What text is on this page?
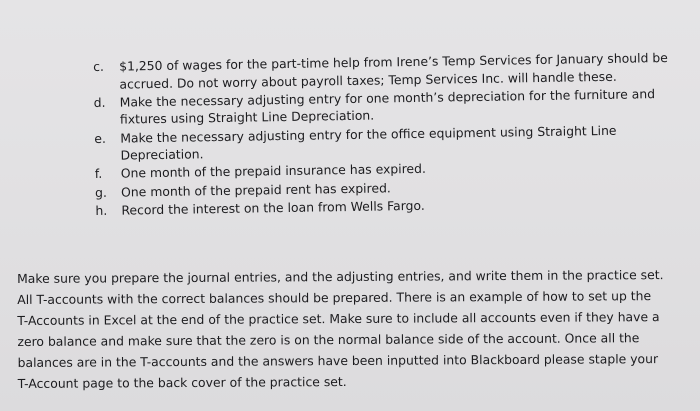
c. $1,250 of wages for the part-time help from Irene’s Temp Services for January should be
accrued. Do not worry about payroll taxes; Temp Services Inc. will handle these.
d. Make the necessary adjusting entry for one month’s depreciation for the furniture and
fixtures using Straight Line Depreciation.
e. Make the necessary adjusting entry for the office equipment using Straight Line
Depreciation.
f. One month of the prepaid insurance has expired.
g. One month of the prepaid rent has expired.
h. Record the interest on the loan from Wells Fargo.
Make sure you prepare the journal entries, and the adjusting entries, and write them in the practice set.
All T-accounts with the correct balances should be prepared. There is an example of how to set up the
T-Accounts in Excel at the end of the practice set. Make sure to include all accounts even if they have a
zero balance and make sure that the zero is on the normal balance side of the account. Once all the
balances are in the T-accounts and the answers have been inputted into Blackboard please staple your
T-Account page to the back cover of the practice set.
